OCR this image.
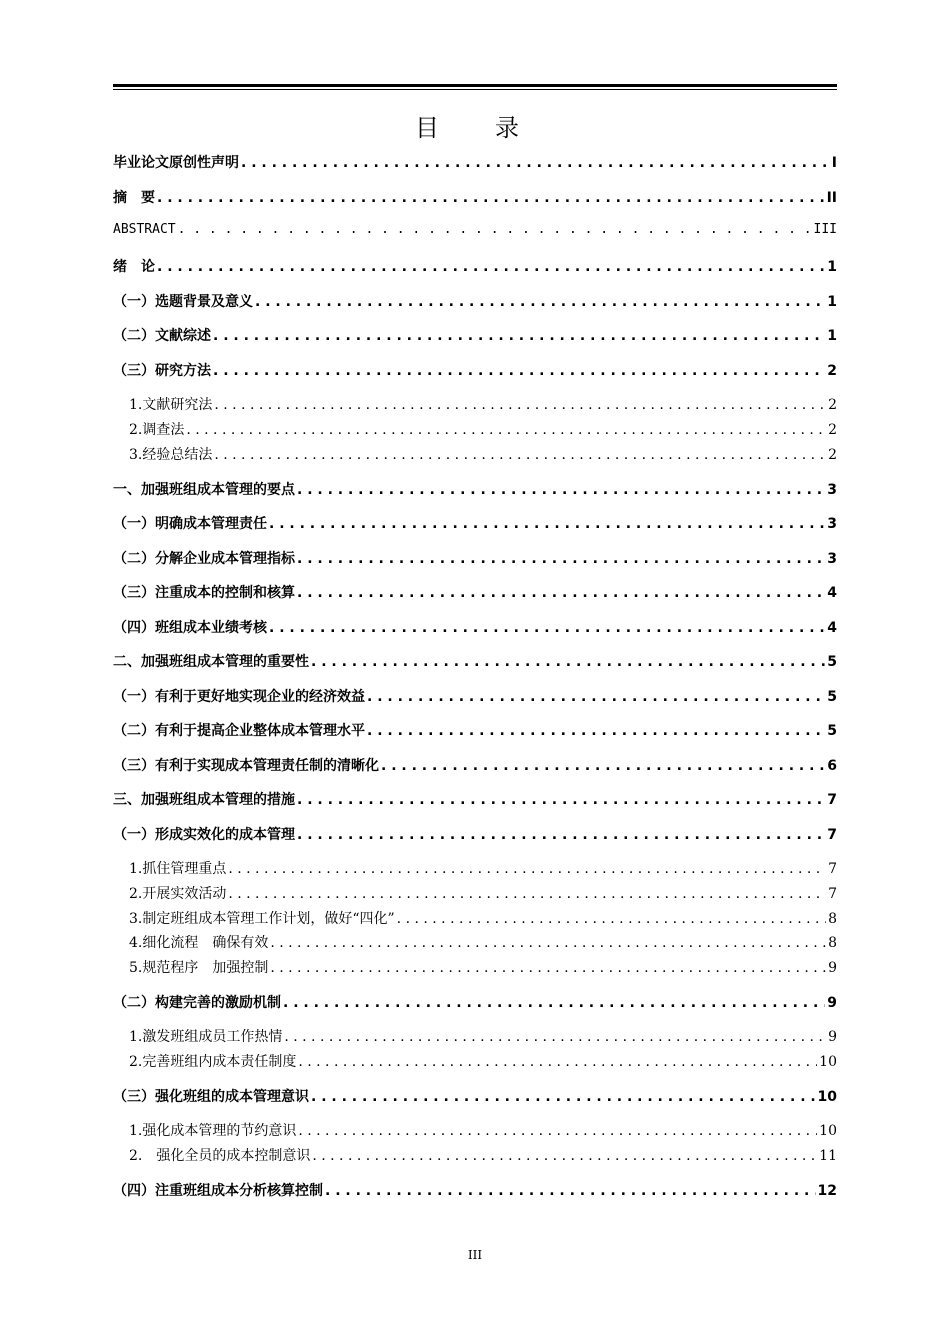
目　录
毕业论文原创性声明 . . .	I
摘　要 . . .	II
ABSTRACT . . .	III
绪　论 . . .	1
（一）选题背景及意义 . . .	1
（二）文献综述 . . .	1
（三）研究方法 . . .	2
1.文献研究法 . . .	2
2.调查法 . . .	2
3.经验总结法 . . .	2
一、加强班组成本管理的要点 . . .	3
（一）明确成本管理责任 . . .	3
（二）分解企业成本管理指标 . . .	3
（三）注重成本的控制和核算 . . .	4
（四）班组成本业绩考核 . . .	4
二、加强班组成本管理的重要性 . . .	5
（一）有利于更好地实现企业的经济效益 . . .	5
（二）有利于提高企业整体成本管理水平 . . .	5
（三）有利于实现成本管理责任制的清晰化 . . .	6
三、加强班组成本管理的措施 . . .	7
（一）形成实效化的成本管理 . . .	7
1.抓住管理重点 . . .	7
2.开展实效活动 . . .	7
3.制定班组成本管理工作计划，做好“四化” . . .	8
4.细化流程　确保有效 . . .	8
5.规范程序　加强控制 . . .	9
（二）构建完善的激励机制 . . .	9
1.激发班组成员工作热情 . . .	9
2.完善班组内成本责任制度 . . .	10
（三）强化班组的成本管理意识 . . .	10
1.强化成本管理的节约意识 . . .	10
2.　强化全员的成本控制意识 . . .	11
（四）注重班组成本分析核算控制 . . .	12
III
